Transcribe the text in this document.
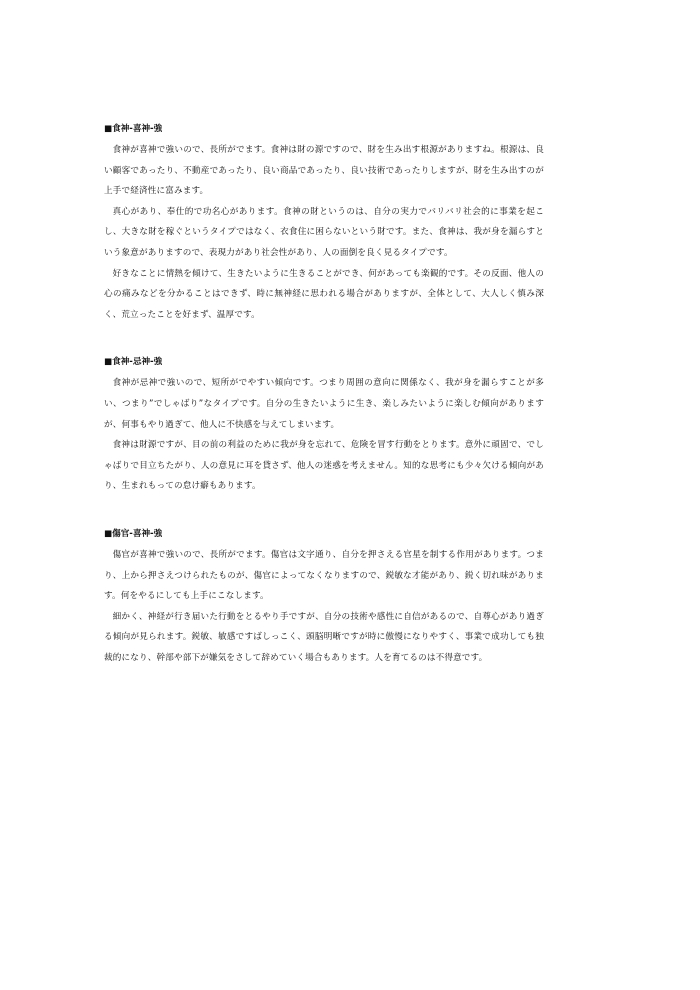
■食神-喜神-強

食神が喜神で強いので、長所がでます。食神は財の源ですので、財を生み出す根源がありますね。根源は、良い顧客であったり、不動産であったり、良い商品であったり、良い技術であったりしますが、財を生み出すのが上手で経済性に富みます。

真心があり、奉仕的で功名心があります。食神の財というのは、自分の実力でバリバリ社会的に事業を起こし、大きな財を稼ぐというタイプではなく、衣食住に困らないという財です。また、食神は、我が身を漏らすという象意がありますので、表現力があり社会性があり、人の面倒を良く見るタイプです。

好きなことに情熱を傾けて、生きたいように生きることができ、何があっても楽観的です。その反面、他人の心の痛みなどを分かることはできず、時に無神経に思われる場合がありますが、全体として、大人しく慎み深く、荒立ったことを好まず、温厚です。

■食神-忌神-強

食神が忌神で強いので、短所がでやすい傾向です。つまり周囲の意向に関係なく、我が身を漏らすことが多い、つまり”でしゃばり”なタイプです。自分の生きたいように生き、楽しみたいように楽しむ傾向がありますが、何事もやり過ぎて、他人に不快感を与えてしまいます。

食神は財源ですが、目の前の利益のために我が身を忘れて、危険を冒す行動をとります。意外に頑固で、でしゃばりで目立ちたがり、人の意見に耳を貸さず、他人の迷惑を考えません。知的な思考にも少々欠ける傾向があり、生まれもっての怠け癖もあります。

■傷官-喜神-強

傷官が喜神で強いので、長所がでます。傷官は文字通り、自分を押さえる官星を制する作用があります。つまり、上から押さえつけられたものが、傷官によってなくなりますので、鋭敏な才能があり、鋭く切れ味があります。何をやるにしても上手にこなします。

細かく、神経が行き届いた行動をとるやり手ですが、自分の技術や感性に自信があるので、自尊心があり過ぎる傾向が見られます。鋭敏、敏感ですばしっこく、頭脳明晰ですが時に傲慢になりやすく、事業で成功しても独裁的になり、幹部や部下が嫌気をさして辞めていく場合もあります。人を育てるのは不得意です。
